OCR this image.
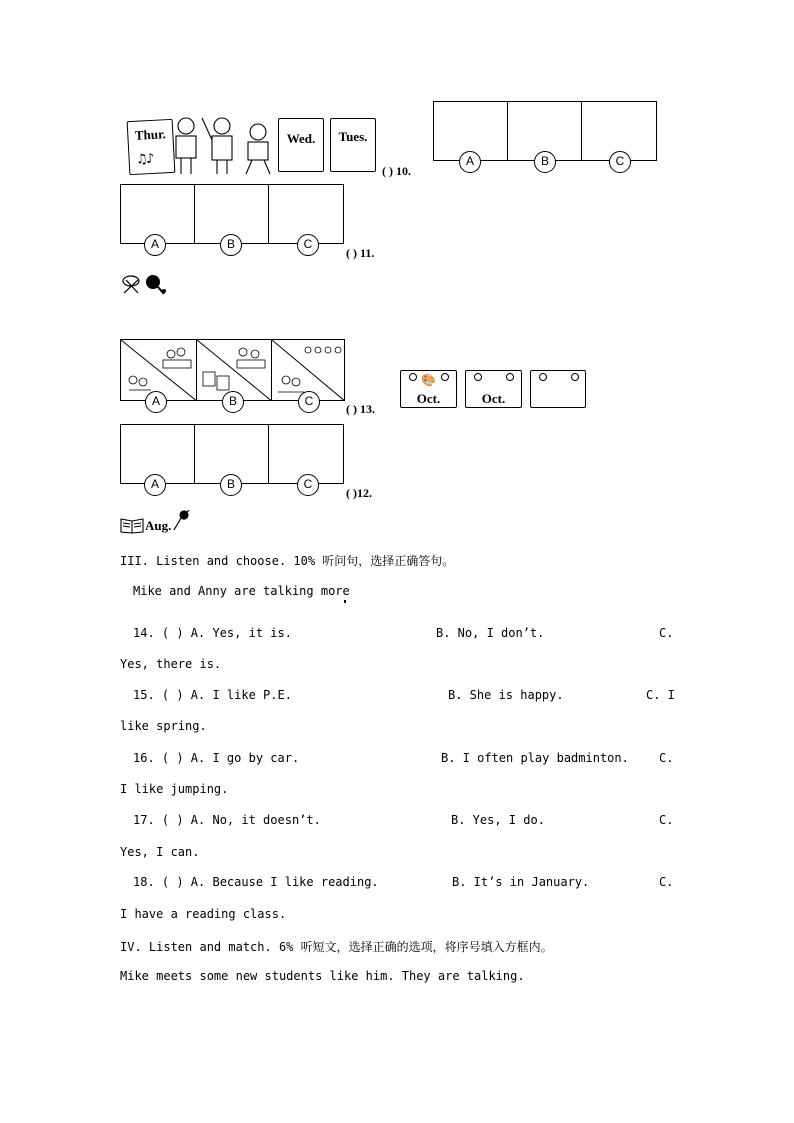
Thur.
♫♪
Wed.	Tues.
( ) 10.
A	B	C
A	B	C
( ) 11.
A	B	C
( ) 13.
🎨
Oct.	Oct.
A	B	C
( )12.
Aug.
III. Listen and choose. 10% 听问句，选择正确答句。
Mike and Anny are talking more
14. ( ) A. Yes, it is.	B. No, I don’t.	C.
Yes, there is.
15. ( ) A. I like P.E.	B. She is happy.	C. I
like spring.
16. ( ) A. I go by car.	B. I often play badminton.	C.
I like jumping.
17. ( ) A. No, it doesn’t.	B. Yes, I do.	C.
Yes, I can.
18. ( ) A. Because I like reading.	B. It’s in January.	C.
I have a reading class.
IV. Listen and match. 6% 听短文，选择正确的选项，将序号填入方框内。
Mike meets some new students like him. They are talking.
